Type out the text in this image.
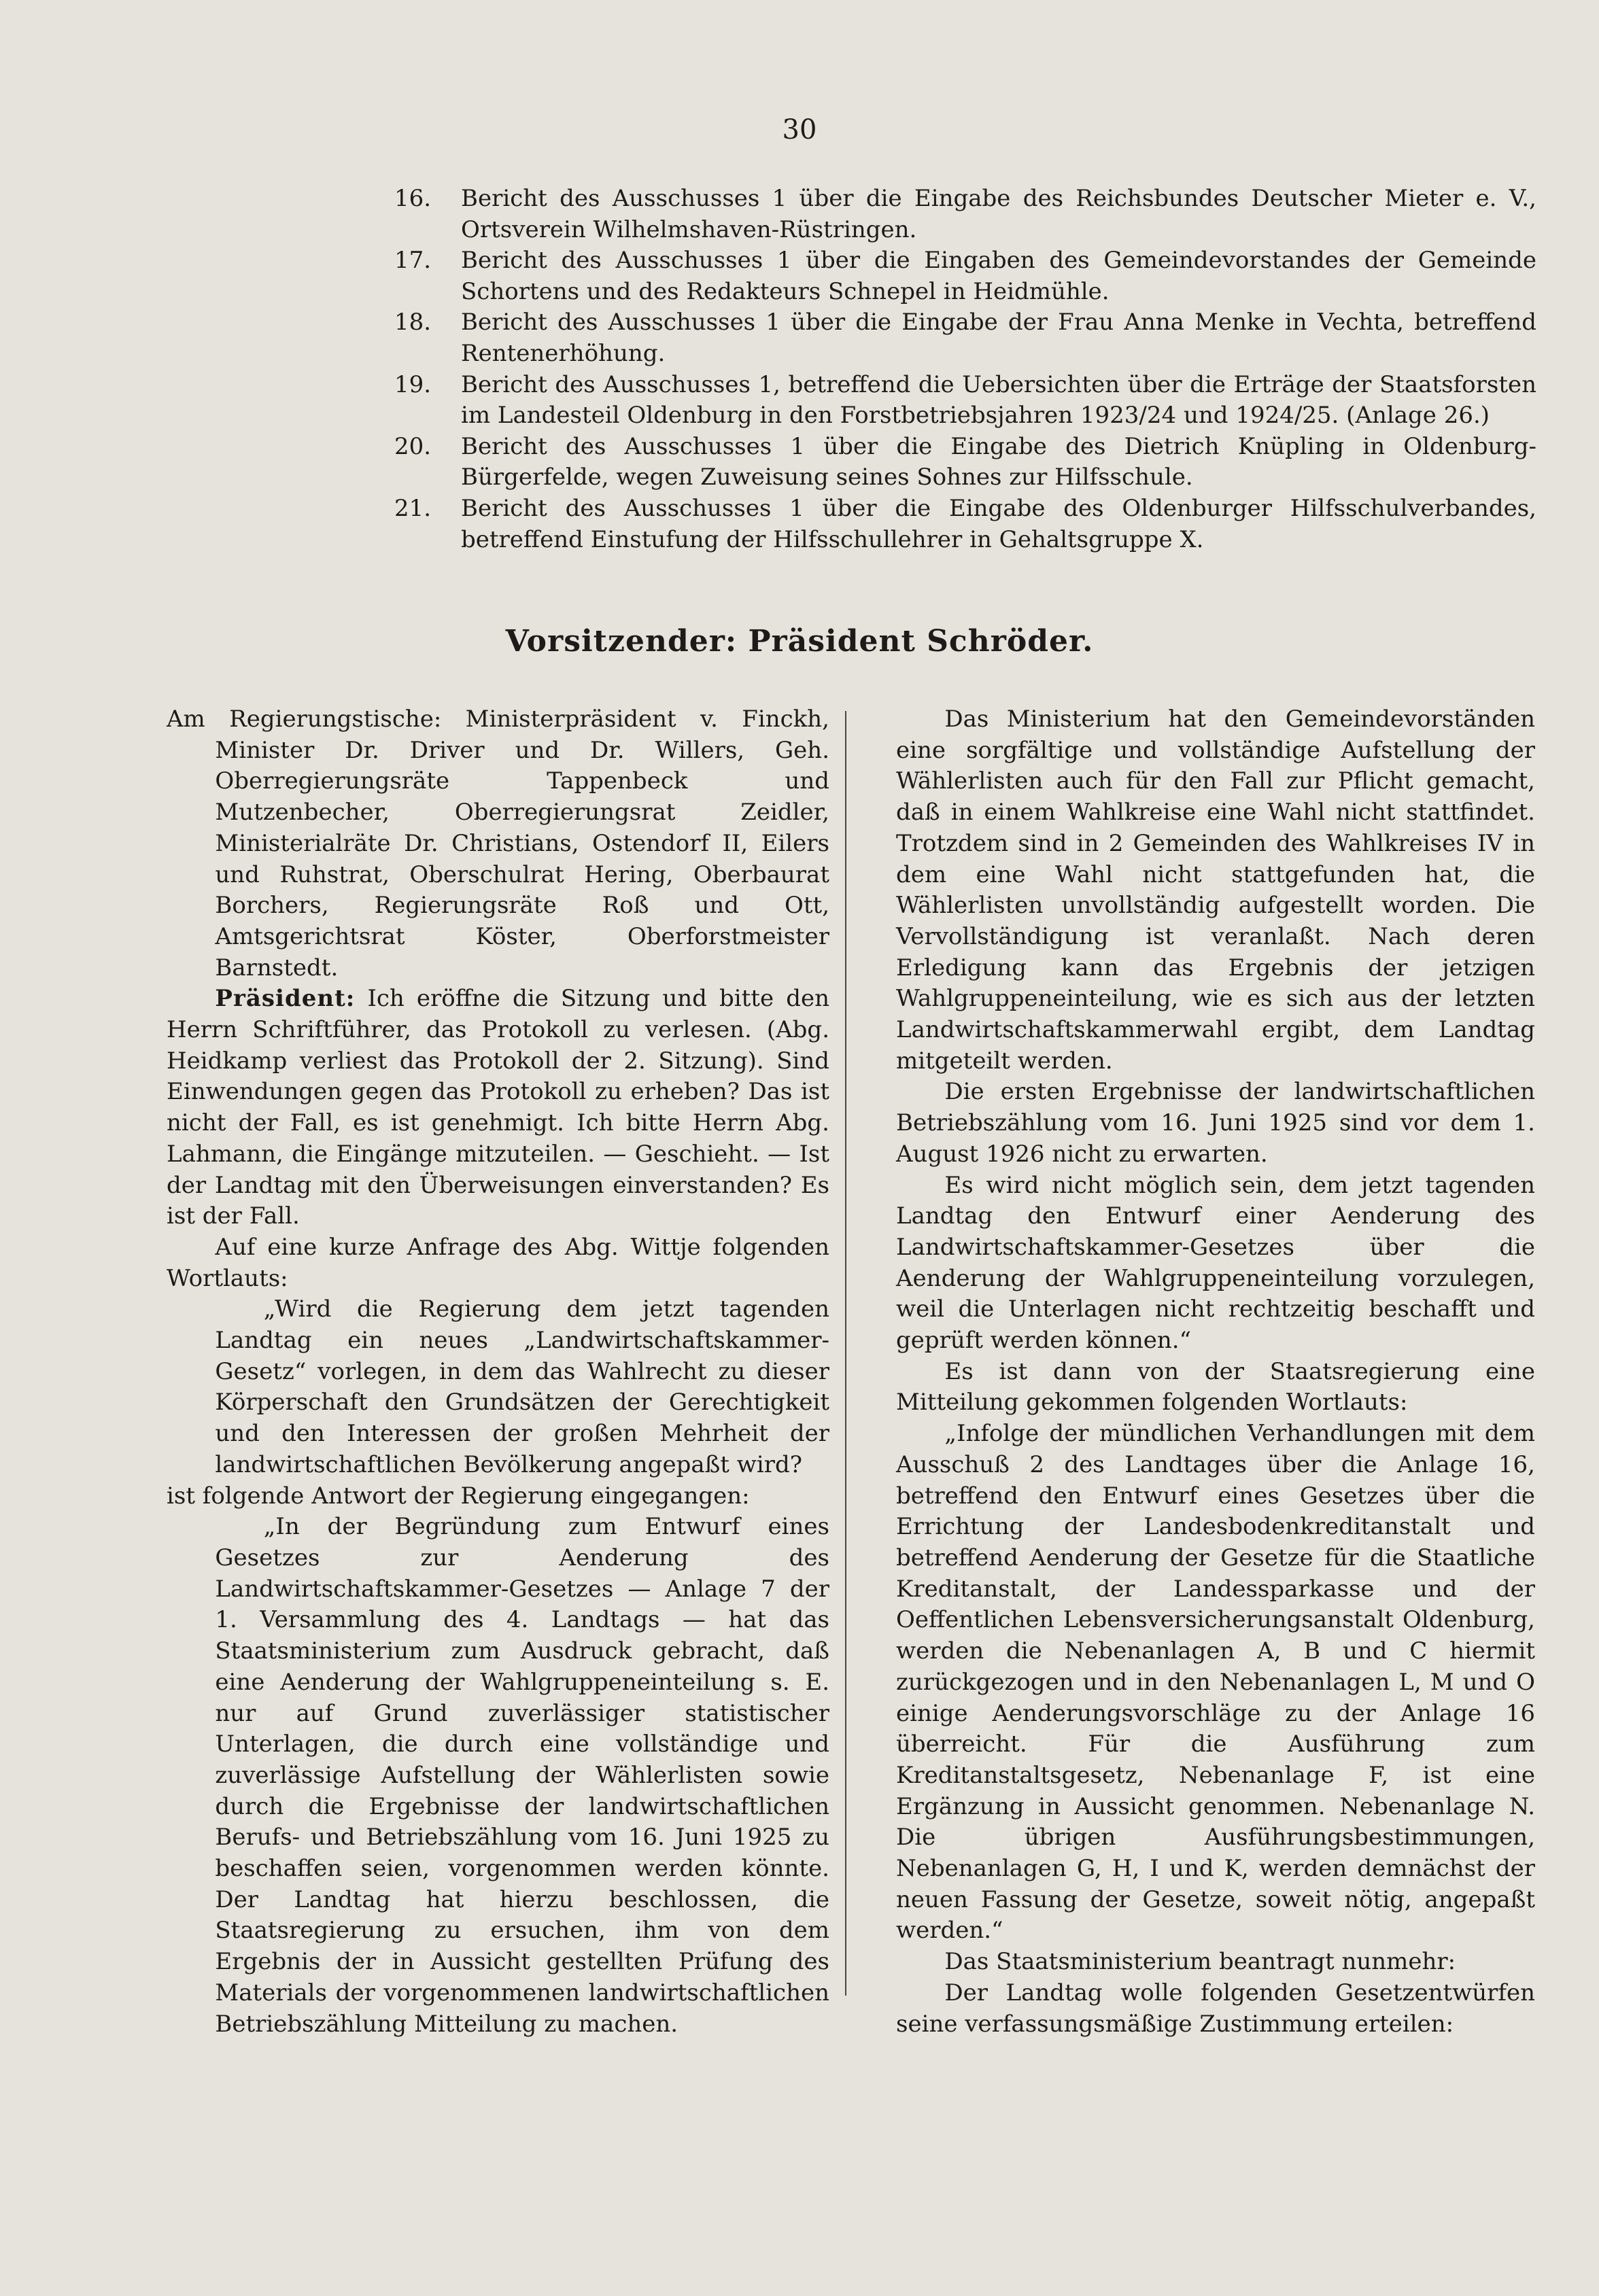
30
16. Bericht des Ausschusses 1 über die Eingabe des Reichsbundes Deutscher Mieter e. V., Ortsverein Wilhelmshaven-Rüstringen.
17. Bericht des Ausschusses 1 über die Eingaben des Gemeindevorstandes der Gemeinde Schortens und des Redakteurs Schnepel in Heidmühle.
18. Bericht des Ausschusses 1 über die Eingabe der Frau Anna Menke in Vechta, betreffend Rentenerhöhung.
19. Bericht des Ausschusses 1, betreffend die Uebersichten über die Erträge der Staatsforsten im Landesteil Oldenburg in den Forstbetriebsjahren 1923/24 und 1924/25. (Anlage 26.)
20. Bericht des Ausschusses 1 über die Eingabe des Dietrich Knüpling in Oldenburg-Bürgerfelde, wegen Zuweisung seines Sohnes zur Hilfsschule.
21. Bericht des Ausschusses 1 über die Eingabe des Oldenburger Hilfsschulverbandes, betreffend Einstufung der Hilfsschullehrer in Gehaltsgruppe X.
Vorsitzender: Präsident Schröder.

Am Regierungstische: Ministerpräsident v. Finckh, Minister Dr. Driver und Dr. Willers, Geh. Oberregierungsräte Tappenbeck und Mutzenbecher, Oberregierungsrat Zeidler, Ministerialräte Dr. Christians, Ostendorf II, Eilers und Ruhstrat, Oberschulrat Hering, Oberbaurat Borchers, Regierungsräte Roß und Ott, Amtsgerichtsrat Köster, Oberforstmeister Barnstedt.

Präsident: Ich eröffne die Sitzung und bitte den Herrn Schriftführer, das Protokoll zu verlesen. (Abg. Heidkamp verliest das Protokoll der 2. Sitzung). Sind Einwendungen gegen das Protokoll zu erheben? Das ist nicht der Fall, es ist genehmigt. Ich bitte Herrn Abg. Lahmann, die Eingänge mitzuteilen. — Geschieht. — Ist der Landtag mit den Überweisungen einverstanden? Es ist der Fall.

Auf eine kurze Anfrage des Abg. Wittje folgenden Wortlauts:

„Wird die Regierung dem jetzt tagenden Landtag ein neues „Landwirtschaftskammer-Gesetz“ vorlegen, in dem das Wahlrecht zu dieser Körperschaft den Grundsätzen der Gerechtigkeit und den Interessen der großen Mehrheit der landwirtschaftlichen Bevölkerung angepaßt wird?

ist folgende Antwort der Regierung eingegangen:

„In der Begründung zum Entwurf eines Gesetzes zur Aenderung des Landwirtschaftskammer-Gesetzes — Anlage 7 der 1. Versammlung des 4. Landtags — hat das Staatsministerium zum Ausdruck gebracht, daß eine Aenderung der Wahlgruppeneinteilung s. E. nur auf Grund zuverlässiger statistischer Unterlagen, die durch eine vollständige und zuverlässige Aufstellung der Wählerlisten sowie durch die Ergebnisse der landwirtschaftlichen Berufs- und Betriebszählung vom 16. Juni 1925 zu beschaffen seien, vorgenommen werden könnte. Der Landtag hat hierzu beschlossen, die Staatsregierung zu ersuchen, ihm von dem Ergebnis der in Aussicht gestellten Prüfung des Materials der vorgenommenen landwirtschaftlichen Betriebszählung Mitteilung zu machen.

Das Ministerium hat den Gemeindevorständen eine sorgfältige und vollständige Aufstellung der Wählerlisten auch für den Fall zur Pflicht gemacht, daß in einem Wahlkreise eine Wahl nicht stattfindet. Trotzdem sind in 2 Gemeinden des Wahlkreises IV in dem eine Wahl nicht stattgefunden hat, die Wählerlisten unvollständig aufgestellt worden. Die Vervollständigung ist veranlaßt. Nach deren Erledigung kann das Ergebnis der jetzigen Wahlgruppeneinteilung, wie es sich aus der letzten Landwirtschaftskammerwahl ergibt, dem Landtag mitgeteilt werden.

Die ersten Ergebnisse der landwirtschaftlichen Betriebszählung vom 16. Juni 1925 sind vor dem 1. August 1926 nicht zu erwarten.

Es wird nicht möglich sein, dem jetzt tagenden Landtag den Entwurf einer Aenderung des Landwirtschaftskammer-Gesetzes über die Aenderung der Wahlgruppeneinteilung vorzulegen, weil die Unterlagen nicht rechtzeitig beschafft und geprüft werden können.“

Es ist dann von der Staatsregierung eine Mitteilung gekommen folgenden Wortlauts:

„Infolge der mündlichen Verhandlungen mit dem Ausschuß 2 des Landtages über die Anlage 16, betreffend den Entwurf eines Gesetzes über die Errichtung der Landesbodenkreditanstalt und betreffend Aenderung der Gesetze für die Staatliche Kreditanstalt, der Landessparkasse und der Oeffentlichen Lebensversicherungsanstalt Oldenburg, werden die Nebenanlagen A, B und C hiermit zurückgezogen und in den Nebenanlagen L, M und O einige Aenderungsvorschläge zu der Anlage 16 überreicht. Für die Ausführung zum Kreditanstaltsgesetz, Nebenanlage F, ist eine Ergänzung in Aussicht genommen. Nebenanlage N. Die übrigen Ausführungsbestimmungen, Nebenanlagen G, H, I und K, werden demnächst der neuen Fassung der Gesetze, soweit nötig, angepaßt werden.“

Das Staatsministerium beantragt nunmehr:

Der Landtag wolle folgenden Gesetzentwürfen seine verfassungsmäßige Zustimmung erteilen:
